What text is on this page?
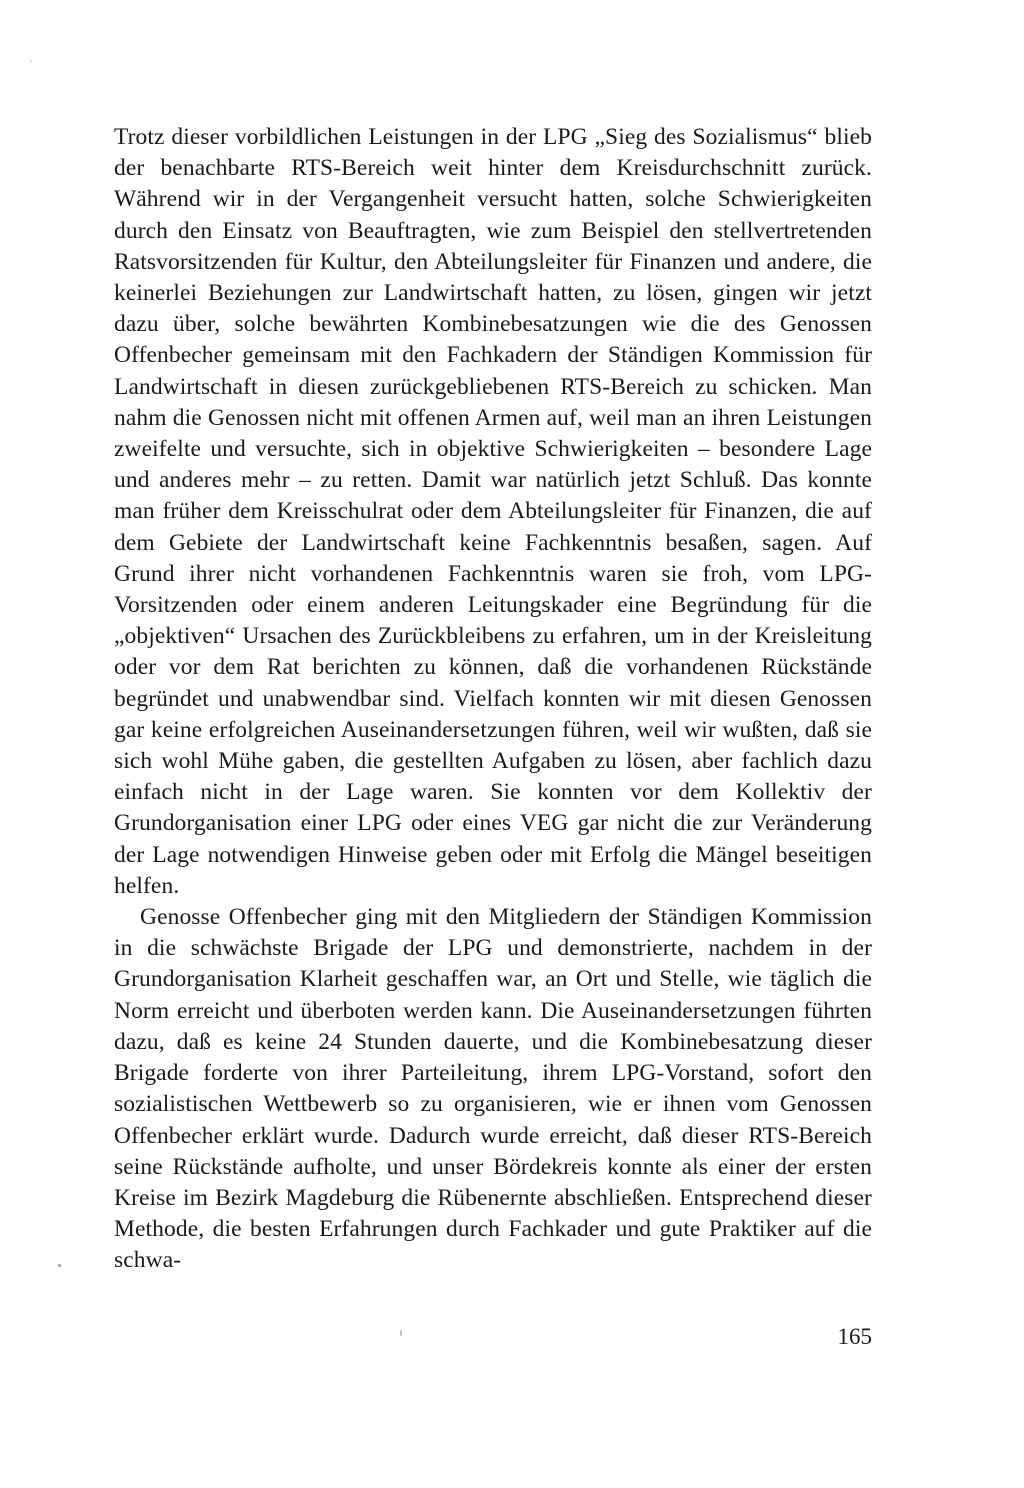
Trotz dieser vorbildlichen Leistungen in der LPG „Sieg des Sozialismus“ blieb der benachbarte RTS-Bereich weit hinter dem Kreisdurchschnitt zurück. Während wir in der Vergangenheit versucht hatten, solche Schwierigkeiten durch den Einsatz von Beauftragten, wie zum Beispiel den stellvertretenden Ratsvorsitzenden für Kultur, den Abteilungsleiter für Finanzen und andere, die keinerlei Beziehungen zur Landwirtschaft hatten, zu lösen, gingen wir jetzt dazu über, solche bewährten Kombinebesatzungen wie die des Genossen Offenbecher gemeinsam mit den Fachkadern der Ständigen Kommission für Landwirtschaft in diesen zurückgebliebenen RTS-Bereich zu schicken. Man nahm die Genossen nicht mit offenen Armen auf, weil man an ihren Leistungen zweifelte und versuchte, sich in objektive Schwierigkeiten – besondere Lage und anderes mehr – zu retten. Damit war natürlich jetzt Schluß. Das konnte man früher dem Kreisschulrat oder dem Abteilungsleiter für Finanzen, die auf dem Gebiete der Landwirtschaft keine Fachkenntnis besaßen, sagen. Auf Grund ihrer nicht vorhandenen Fachkenntnis waren sie froh, vom LPG-Vorsitzenden oder einem anderen Leitungskader eine Begründung für die „objektiven“ Ursachen des Zurückbleibens zu erfahren, um in der Kreisleitung oder vor dem Rat berichten zu können, daß die vorhandenen Rückstände begründet und unabwendbar sind. Vielfach konnten wir mit diesen Genossen gar keine erfolgreichen Auseinandersetzungen führen, weil wir wußten, daß sie sich wohl Mühe gaben, die gestellten Aufgaben zu lösen, aber fachlich dazu einfach nicht in der Lage waren. Sie konnten vor dem Kollektiv der Grundorganisation einer LPG oder eines VEG gar nicht die zur Veränderung der Lage notwendigen Hinweise geben oder mit Erfolg die Mängel beseitigen helfen.

Genosse Offenbecher ging mit den Mitgliedern der Ständigen Kommission in die schwächste Brigade der LPG und demonstrierte, nachdem in der Grundorganisation Klarheit geschaffen war, an Ort und Stelle, wie täglich die Norm erreicht und überboten werden kann. Die Auseinandersetzungen führten dazu, daß es keine 24 Stunden dauerte, und die Kombinebesatzung dieser Brigade forderte von ihrer Parteileitung, ihrem LPG-Vorstand, sofort den sozialistischen Wettbewerb so zu organisieren, wie er ihnen vom Genossen Offenbecher erklärt wurde. Dadurch wurde erreicht, daß dieser RTS-Bereich seine Rückstände aufholte, und unser Bördekreis konnte als einer der ersten Kreise im Bezirk Magdeburg die Rübenernte abschließen. Entsprechend dieser Methode, die besten Erfahrungen durch Fachkader und gute Praktiker auf die schwa-

165
